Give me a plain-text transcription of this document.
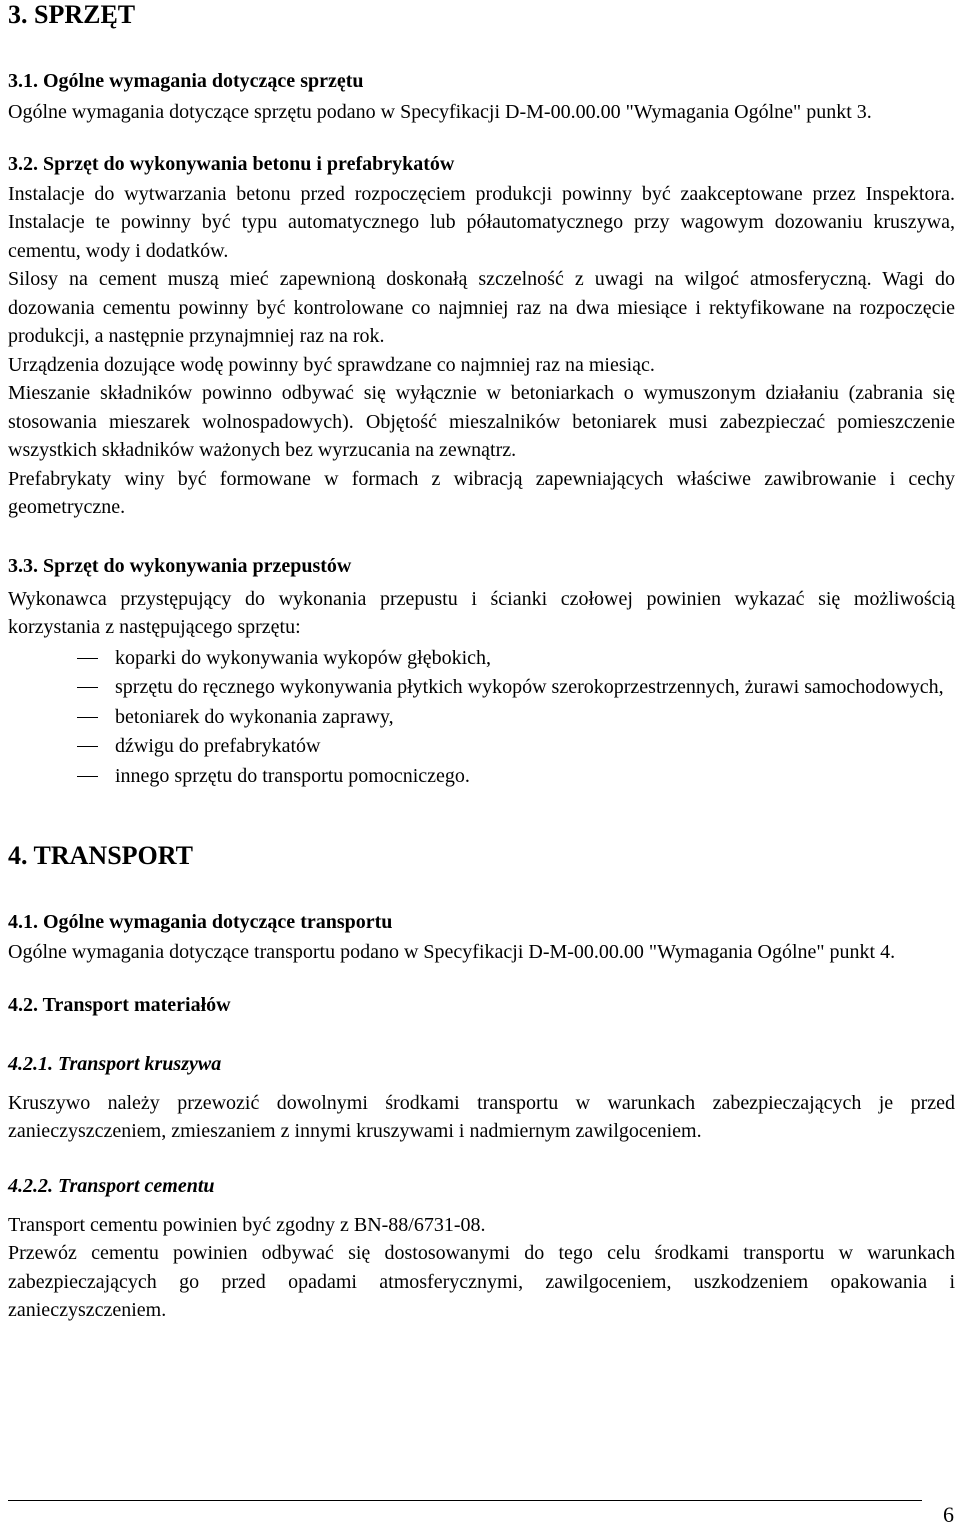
3. SPRZĘT
3.1. Ogólne wymagania dotyczące sprzętu

Ogólne wymagania dotyczące sprzętu podano w Specyfikacji D-M-00.00.00 "Wymagania Ogólne" punkt 3.

3.2. Sprzęt do wykonywania betonu i prefabrykatów

Instalacje do wytwarzania betonu przed rozpoczęciem produkcji powinny być zaakceptowane przez Inspektora. Instalacje te powinny być typu automatycznego lub półautomatycznego przy wagowym dozowaniu kruszywa, cementu, wody i dodatków.

Silosy na cement muszą mieć zapewnioną doskonałą szczelność z uwagi na wilgoć atmosferyczną. Wagi do dozowania cementu powinny być kontrolowane co najmniej raz na dwa miesiące i rektyfikowane na rozpoczęcie produkcji, a następnie przynajmniej raz na rok.

Urządzenia dozujące wodę powinny być sprawdzane co najmniej raz na miesiąc.

Mieszanie składników powinno odbywać się wyłącznie w betoniarkach o wymuszonym działaniu (zabrania się stosowania mieszarek wolnospadowych). Objętość mieszalników betoniarek musi zabezpieczać pomieszczenie wszystkich składników ważonych bez wyrzucania na zewnątrz.

Prefabrykaty winy być formowane w formach z wibracją zapewniających właściwe zawibrowanie i cechy geometryczne.

3.3. Sprzęt do wykonywania przepustów

Wykonawca przystępujący do wykonania przepustu i ścianki czołowej powinien wykazać się możliwością korzystania z następującego sprzętu:

koparki do wykonywania wykopów głębokich,
sprzętu do ręcznego wykonywania płytkich wykopów szerokoprzestrzennych, żurawi samochodowych,
betoniarek do wykonania zaprawy,
dźwigu do prefabrykatów
innego sprzętu do transportu pomocniczego.
4. TRANSPORT
4.1. Ogólne wymagania dotyczące transportu

Ogólne wymagania dotyczące transportu podano w Specyfikacji D-M-00.00.00 "Wymagania Ogólne" punkt 4.

4.2. Transport materiałów
4.2.1. Transport kruszywa

Kruszywo należy przewozić dowolnymi środkami transportu w warunkach zabezpieczających je przed zanieczyszczeniem, zmieszaniem z innymi kruszywami i nadmiernym zawilgoceniem.

4.2.2. Transport cementu

Transport cementu powinien być zgodny z BN-88/6731-08.

Przewóz cementu powinien odbywać się dostosowanymi do tego celu środkami transportu w warunkach zabezpieczających go przed opadami atmosferycznymi, zawilgoceniem, uszkodzeniem opakowania i zanieczyszczeniem.

6
